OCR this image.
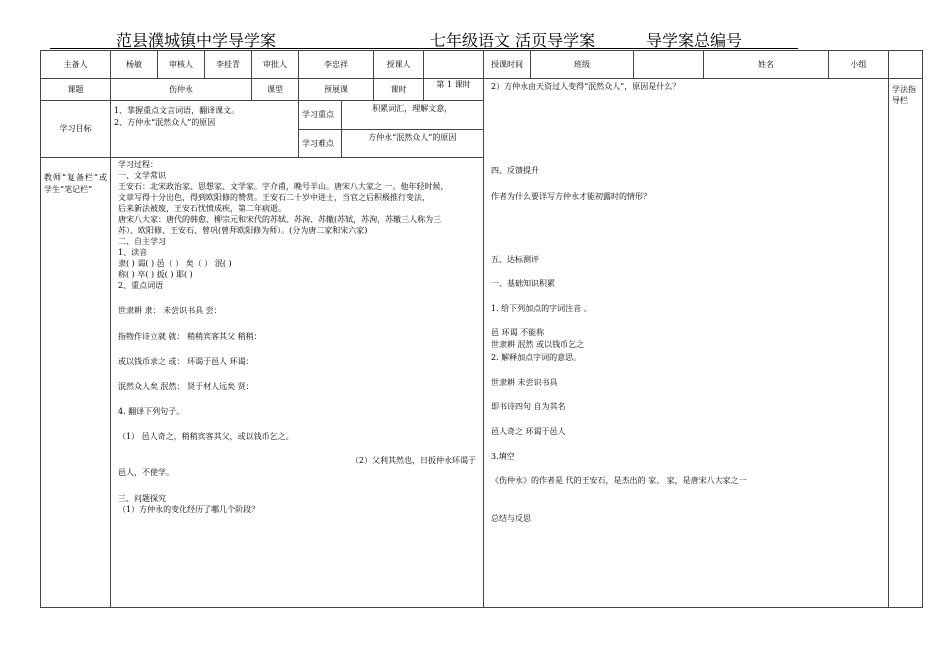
范县濮城镇中学导学案	七年级语文 活页导学案	导学案总编号
主备人	杨敏	审核人	李桂青	审批人	李忠祥	授课人		授课时间	班级		姓名	小组	
课题	伤仲永	课型	预展课	课时	第 1 课时	2）方仲永由天资过人变得“泯然众人”，原因是什么？
四、反馈提升
作者为什么要详写方仲永才能初露时的情形？
五、达标测评
一、基础知识积累
1. 给下列加点的字词注音 。
邑 环谒 不能称
世隶耕 泯然 或以钱币乞之
2. 解释加点字词的意思。
世隶耕 未尝识书具
即书诗四句 自为其名
邑人奇之 环谒于邑人
3.填空
《伤仲永》的作者是 代的王安石，是杰出的 家、 家，是唐宋八大家之一
总结与反思

学法指导栏

学习目标	1、掌握重点文言词语，翻译课文。
2、方仲永“泯然众人”的原因	
学习重点	积累词汇，理解文意，
学习难点	方仲永“泯然众人”的原因

教师“复备栏”或学生“笔记栏”

学习过程：
一、文学常识
王安石：北宋政治家、思想家、文学家。字介甫，晚号半山。唐宋八大家之 一。他年轻时候，
文章写得十分出色，得到欧阳修的赞赏。王安石二十岁中进士，当官之后积极推行变法，
后来新法被废，王安石忧愤成疾，第二年病逝。
唐宋八大家：唐代的韩愈、柳宗元和宋代的苏轼、苏洵、苏辙(苏轼，苏洵，苏辙三人称为三
苏）、欧阳修、王安石、曾巩(曾拜欧阳修为师）。(分为唐二家和宋六家)
二、自主学习
1、读音
隶( ) 谒( ) 邑（ ） 矣（ ） 泯( )
称( ) 卒( ) 扳( ) 耶( )
2、重点词语
世隶耕 隶： 未尝识书具 尝：
指物作诗立就 就： 稍稍宾客其父 稍稍：
或以钱币求之 或： 环谒于邑人 环谒：
泯然众人矣 泯然： 贤于材人远矣 贤：
4. 翻译下列句子。
（1） 邑人奇之，稍稍宾客其父，或以钱币乞之。
（2）父利其然也，日扳仲永环谒于
邑人，不使学。
三、问题探究
（1）方仲永的变化经历了哪几个阶段？
